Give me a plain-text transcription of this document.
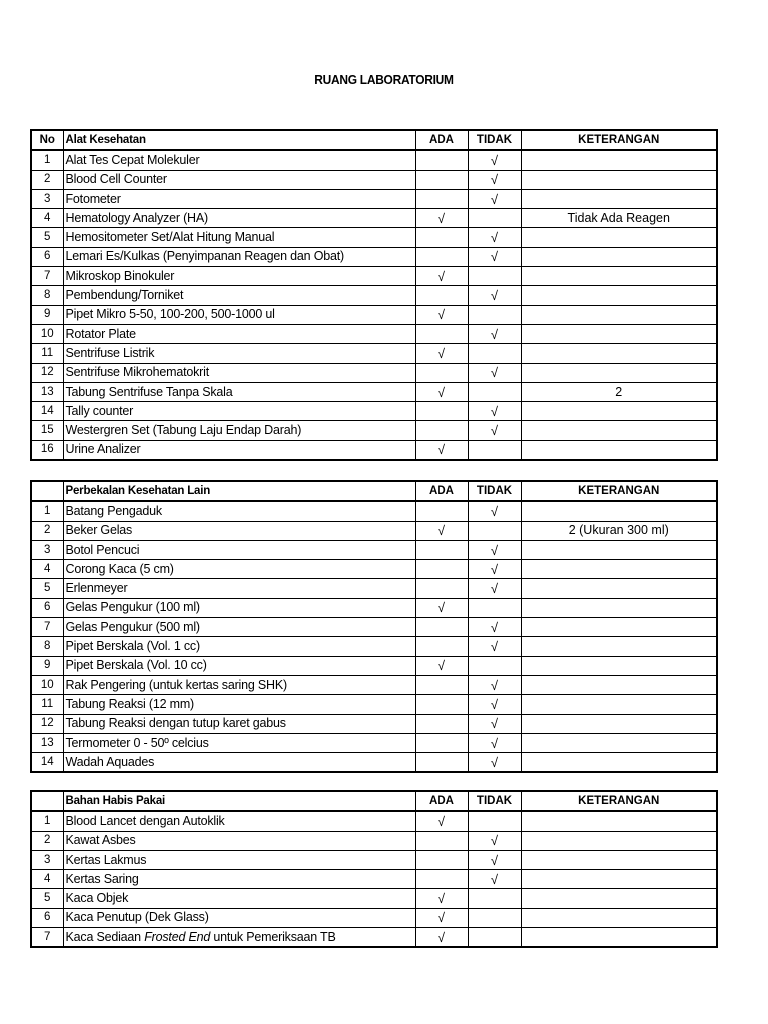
RUANG LABORATORIUM
No	Alat Kesehatan	ADA	TIDAK	KETERANGAN
1	Alat Tes Cepat Molekuler		√	
2	Blood Cell Counter		√	
3	Fotometer		√	
4	Hematology Analyzer (HA)	√		Tidak Ada Reagen
5	Hemositometer Set/Alat Hitung Manual		√	
6	Lemari Es/Kulkas (Penyimpanan Reagen dan Obat)		√	
7	Mikroskop Binokuler	√		
8	Pembendung/Torniket		√	
9	Pipet Mikro 5-50, 100-200, 500-1000 ul	√		
10	Rotator Plate		√	
11	Sentrifuse Listrik	√		
12	Sentrifuse Mikrohematokrit		√	
13	Tabung Sentrifuse Tanpa Skala	√		2
14	Tally counter		√	
15	Westergren Set (Tabung Laju Endap Darah)		√	
16	Urine Analizer	√		
	Perbekalan Kesehatan Lain	ADA	TIDAK	KETERANGAN
1	Batang Pengaduk		√	
2	Beker Gelas	√		2 (Ukuran 300 ml)
3	Botol Pencuci		√	
4	Corong Kaca (5 cm)		√	
5	Erlenmeyer		√	
6	Gelas Pengukur (100 ml)	√		
7	Gelas Pengukur (500 ml)		√	
8	Pipet Berskala (Vol. 1 cc)		√	
9	Pipet Berskala (Vol. 10 cc)	√		
10	Rak Pengering (untuk kertas saring SHK)		√	
11	Tabung Reaksi (12 mm)		√	
12	Tabung Reaksi dengan tutup karet gabus		√	
13	Termometer 0 - 50º celcius		√	
14	Wadah Aquades		√	
	Bahan Habis Pakai	ADA	TIDAK	KETERANGAN
1	Blood Lancet dengan Autoklik	√		
2	Kawat Asbes		√	
3	Kertas Lakmus		√	
4	Kertas Saring		√	
5	Kaca Objek	√		
6	Kaca Penutup (Dek Glass)	√		
7	Kaca Sediaan Frosted End untuk Pemeriksaan TB	√		
